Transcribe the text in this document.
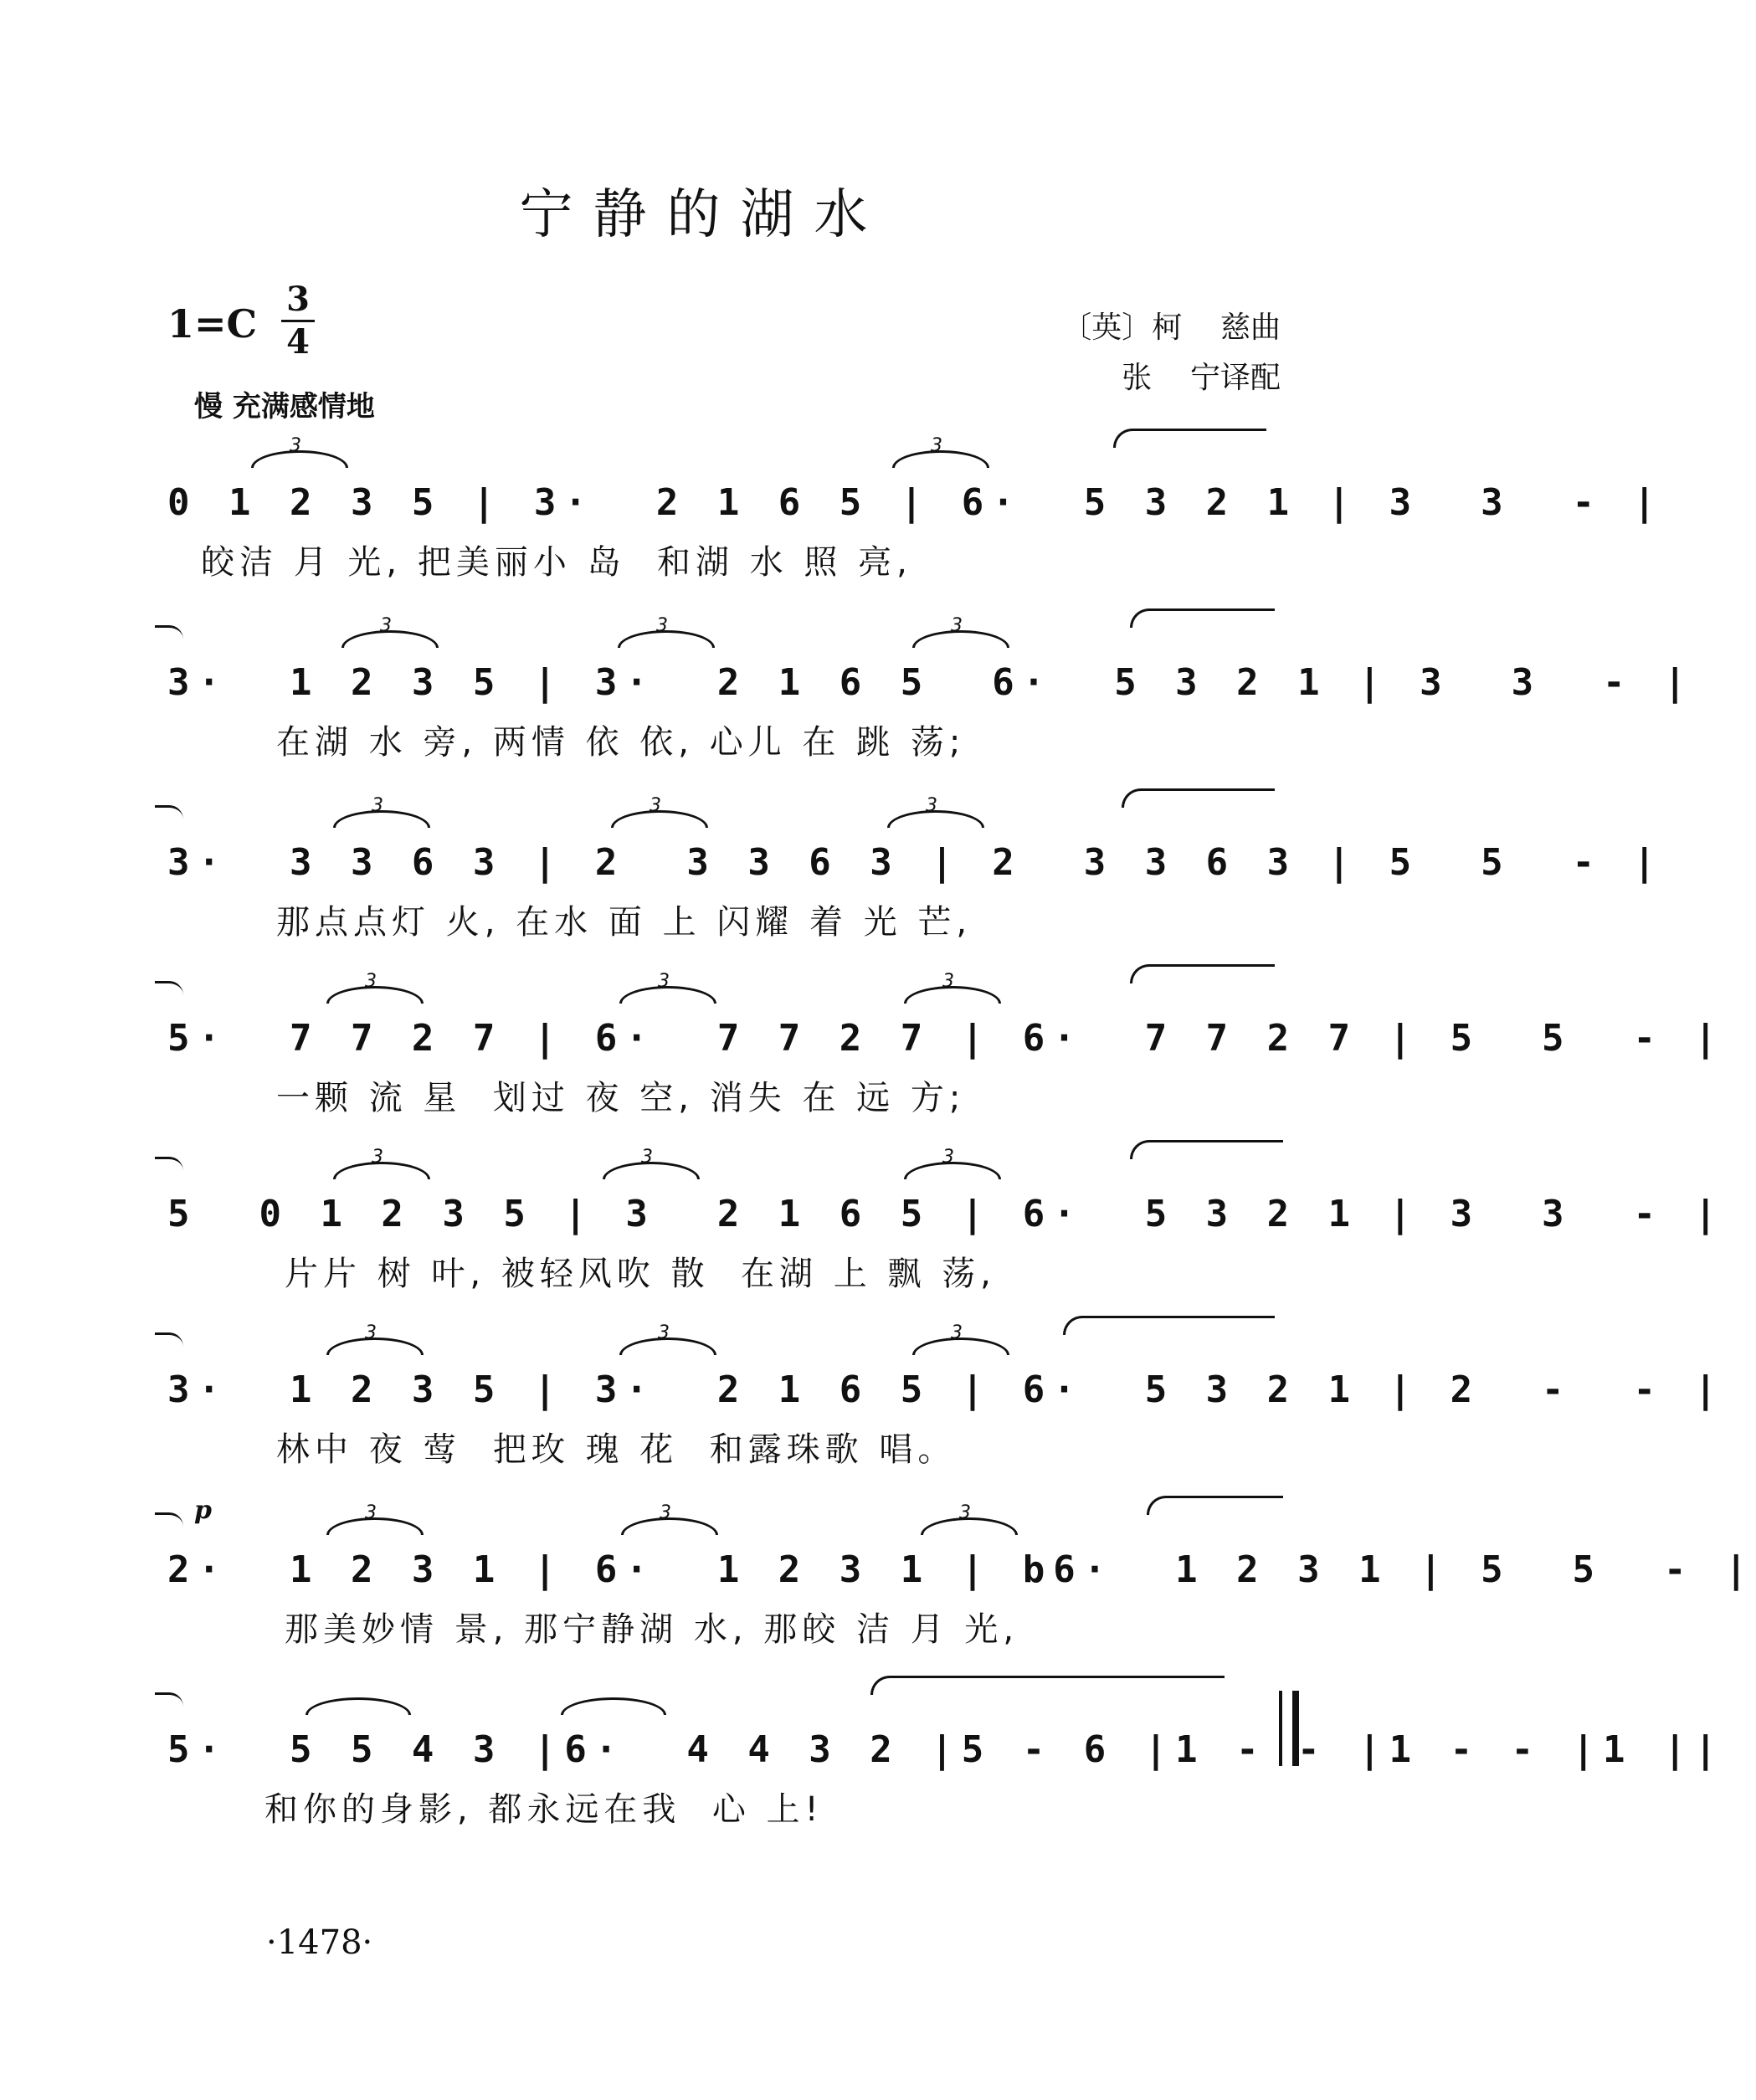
宁静的湖水
1=C
3
4	〔英〕柯    慈曲
张    宁译配
慢 充满感情地
0 1 2 3 5 | 3·  2 1 6 5 | 6·  5 3 2 1 | 3  3  - |
3	3
皎洁 月 光, 把美丽小 岛  和湖 水 照 亮,
3·  1 2 3 5 | 3·  2 1 6 5  6·  5 3 2 1 | 3  3  - |
3	3	3
在湖 水 旁, 两情 依 依, 心儿 在 跳 荡;
3·  3 3 6 3 | 2  3 3 6 3 | 2  3 3 6 3 | 5  5  - |
3	3	3
那点点灯 火, 在水 面 上 闪耀 着 光 芒,
5·  7 7 2 7 | 6·  7 7 2 7 | 6·  7 7 2 7 | 5  5  - |
3	3	3
一颗 流 星  划过 夜 空, 消失 在 远 方;
5  0 1 2 3 5 | 3  2 1 6 5 | 6·  5 3 2 1 | 3  3  - |
3	3	3
片片 树 叶, 被轻风吹 散  在湖 上 飘 荡,
3·  1 2 3 5 | 3·  2 1 6 5 | 6·  5 3 2 1 | 2  -  - |
3	3	3
林中 夜 莺  把玫 瑰 花  和露珠歌 唱。
p
2·  1 2 3 1 | 6·  1 2 3 1 | b6·  1 2 3 1 | 5  5  - |
3	3	3
那美妙情 景, 那宁静湖 水, 那皎 洁 月 光,
5·  5 5 4 3 |6·  4 4 3 2 |5 - 6 |1 - - |1 - - |1 ||
和你的身影, 都永远在我  心 上!
·1478·
